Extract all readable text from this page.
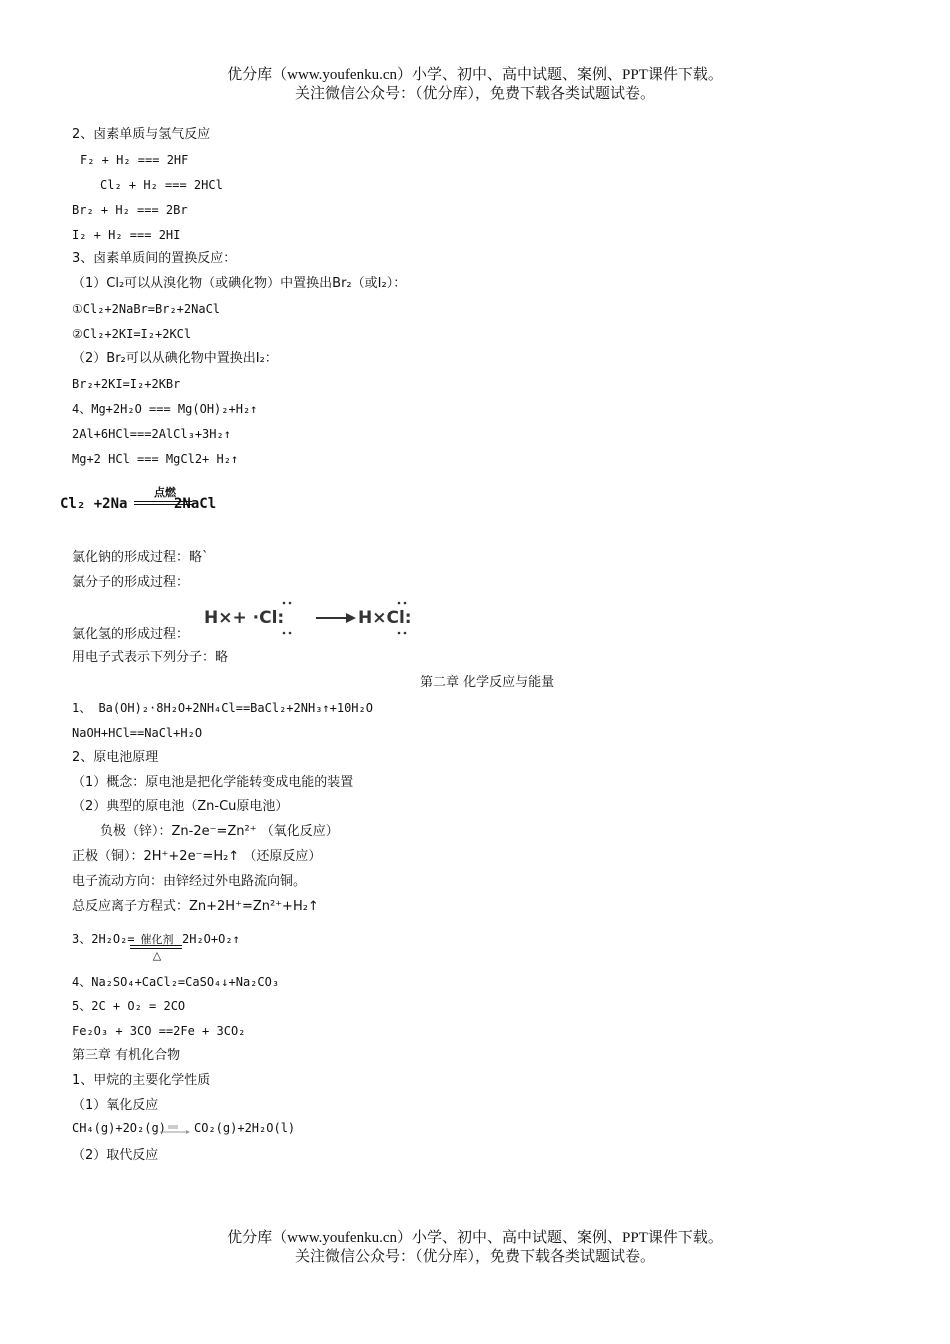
优分库（www.youfenku.cn）小学、初中、高中试题、案例、PPT课件下载。
关注微信公众号：（优分库），免费下载各类试题试卷。
2、卤素单质与氢气反应
F₂ + H₂ === 2HF
Cl₂ + H₂ === 2HCl
Br₂ + H₂ === 2Br
I₂ + H₂ === 2HI
3、卤素单质间的置换反应：
（1）Cl₂可以从溴化物（或碘化物）中置换出Br₂（或I₂）：
①Cl₂+2NaBr=Br₂+2NaCl
②Cl₂+2KI=I₂+2KCl
（2）Br₂可以从碘化物中置换出I₂：
Br₂+2KI=I₂+2KBr
4、Mg+2H₂O === Mg(OH)₂+H₂↑
2Al+6HCl===2AlCl₃+3H₂↑
Mg+2 HCl === MgCl2+ H₂↑
Cl₂ +2Na
点燃
2NaCl
氯化钠的形成过程：略`
氯分子的形成过程：
氯化氢的形成过程：
H×+ ·Cl:	H×Cl:
用电子式表示下列分子：略
第二章 化学反应与能量
1、 Ba(OH)₂·8H₂O+2NH₄Cl==BaCl₂+2NH₃↑+10H₂O
NaOH+HCl==NaCl+H₂O
2、原电池原理
（1）概念：原电池是把化学能转变成电能的装置
（2）典型的原电池（Zn-Cu原电池）
负极（锌）：Zn-2e⁻=Zn²⁺ （氧化反应）
正极（铜）：2H⁺+2e⁻=H₂↑ （还原反应）
电子流动方向：由锌经过外电路流向铜。
总反应离子方程式：Zn+2H⁺=Zn²⁺+H₂↑
3、2H₂O₂= 催化剂
△
2H₂O+O₂↑
4、Na₂SO₄+CaCl₂=CaSO₄↓+Na₂CO₃
5、2C + O₂ = 2CO
Fe₂O₃ + 3CO ==2Fe + 3CO₂
第三章 有机化合物
1、甲烷的主要化学性质
（1）氧化反应
CH₄(g)+2O₂(g) CO₂(g)+2H₂O(l)
（2）取代反应
优分库（www.youfenku.cn）小学、初中、高中试题、案例、PPT课件下载。
关注微信公众号：（优分库），免费下载各类试题试卷。
